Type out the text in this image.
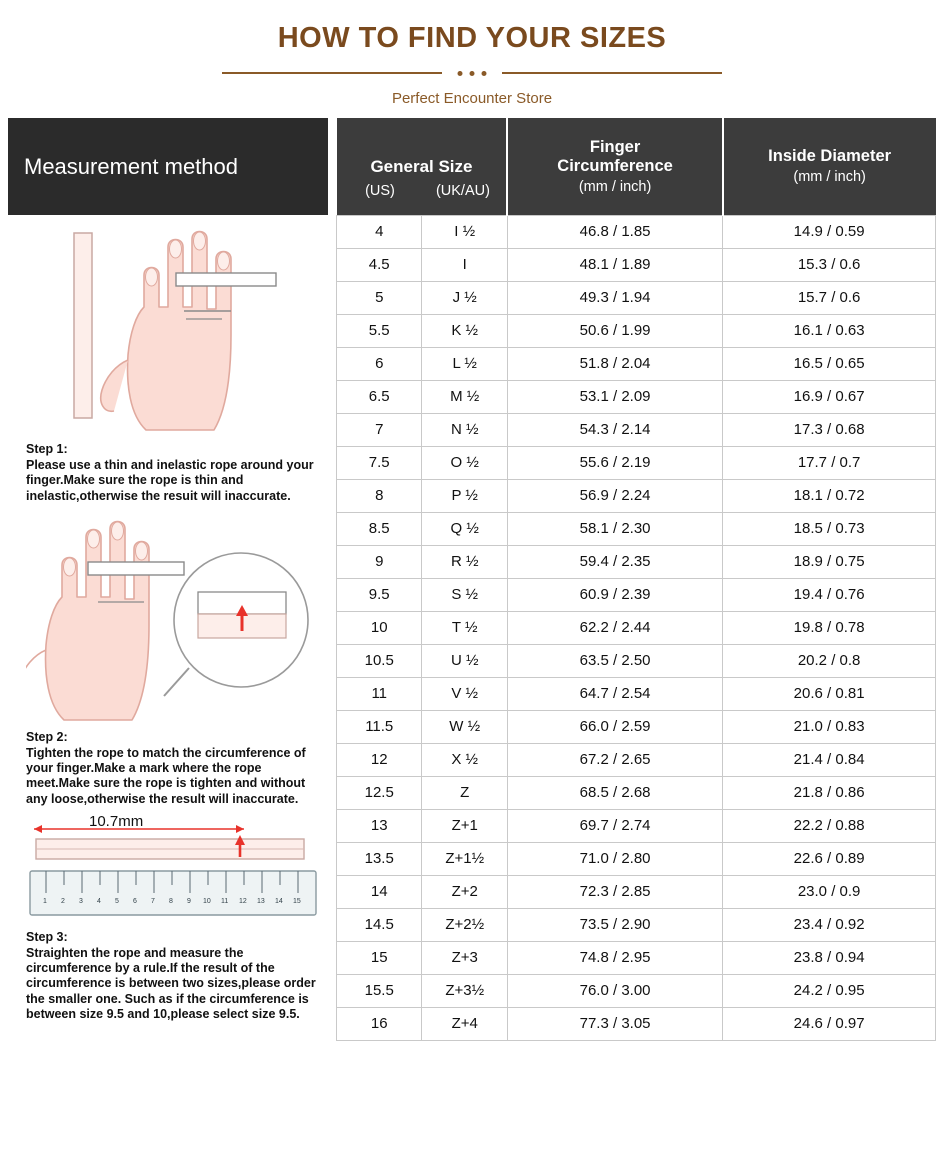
HOW TO FIND YOUR SIZES
Perfect Encounter Store
Measurement method
Step 1:
Please use a thin and inelastic rope around your finger.Make sure the rope is thin and inelastic,otherwise the resuit will inaccurate.
Step 2:
Tighten the rope to match the circumference of your finger.Make a mark where the rope meet.Make sure the rope is tighten and without any loose,otherwise the result will inaccurate.
10.7mm
1 2 3 4 5 6 7 8 9 10 11 12 13 14 15
Step 3:
Straighten the rope and measure the circumference by a rule.If the result of the circumference is between two sizes,please order the smaller one. Such as if the circumference is between size 9.5 and 10,please select size 9.5.
General Size
(US)	(UK/AU)

Finger
Circumference
(mm / inch)

Inside Diameter
(mm / inch)

4	I ½	46.8 / 1.85	14.9 / 0.59
4.5	I	48.1 / 1.89	15.3 / 0.6
5	J ½	49.3 / 1.94	15.7 / 0.6
5.5	K ½	50.6 / 1.99	16.1 / 0.63
6	L ½	51.8 / 2.04	16.5 / 0.65
6.5	M ½	53.1 / 2.09	16.9 / 0.67
7	N ½	54.3 / 2.14	17.3 / 0.68
7.5	O ½	55.6 / 2.19	17.7 / 0.7
8	P ½	56.9 / 2.24	18.1 / 0.72
8.5	Q ½	58.1 / 2.30	18.5 / 0.73
9	R ½	59.4 / 2.35	18.9 / 0.75
9.5	S ½	60.9 / 2.39	19.4 / 0.76
10	T ½	62.2 / 2.44	19.8 / 0.78
10.5	U ½	63.5 / 2.50	20.2 / 0.8
11	V ½	64.7 / 2.54	20.6 / 0.81
11.5	W ½	66.0 / 2.59	21.0 / 0.83
12	X ½	67.2 / 2.65	21.4 / 0.84
12.5	Z	68.5 / 2.68	21.8 / 0.86
13	Z+1	69.7 / 2.74	22.2 / 0.88
13.5	Z+1½	71.0 / 2.80	22.6 / 0.89
14	Z+2	72.3 / 2.85	23.0 / 0.9
14.5	Z+2½	73.5 / 2.90	23.4 / 0.92
15	Z+3	74.8 / 2.95	23.8 / 0.94
15.5	Z+3½	76.0 / 3.00	24.2 / 0.95
16	Z+4	77.3 / 3.05	24.6 / 0.97
